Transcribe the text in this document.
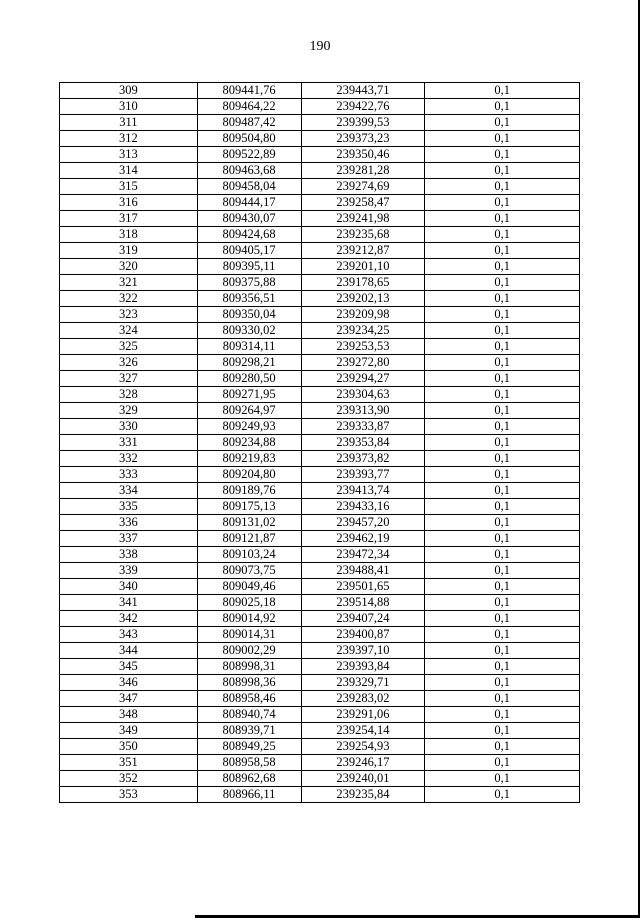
190
309	809441,76	239443,71	0,1
310	809464,22	239422,76	0,1
311	809487,42	239399,53	0,1
312	809504,80	239373,23	0,1
313	809522,89	239350,46	0,1
314	809463,68	239281,28	0,1
315	809458,04	239274,69	0,1
316	809444,17	239258,47	0,1
317	809430,07	239241,98	0,1
318	809424,68	239235,68	0,1
319	809405,17	239212,87	0,1
320	809395,11	239201,10	0,1
321	809375,88	239178,65	0,1
322	809356,51	239202,13	0,1
323	809350,04	239209,98	0,1
324	809330,02	239234,25	0,1
325	809314,11	239253,53	0,1
326	809298,21	239272,80	0,1
327	809280,50	239294,27	0,1
328	809271,95	239304,63	0,1
329	809264,97	239313,90	0,1
330	809249,93	239333,87	0,1
331	809234,88	239353,84	0,1
332	809219,83	239373,82	0,1
333	809204,80	239393,77	0,1
334	809189,76	239413,74	0,1
335	809175,13	239433,16	0,1
336	809131,02	239457,20	0,1
337	809121,87	239462,19	0,1
338	809103,24	239472,34	0,1
339	809073,75	239488,41	0,1
340	809049,46	239501,65	0,1
341	809025,18	239514,88	0,1
342	809014,92	239407,24	0,1
343	809014,31	239400,87	0,1
344	809002,29	239397,10	0,1
345	808998,31	239393,84	0,1
346	808998,36	239329,71	0,1
347	808958,46	239283,02	0,1
348	808940,74	239291,06	0,1
349	808939,71	239254,14	0,1
350	808949,25	239254,93	0,1
351	808958,58	239246,17	0,1
352	808962,68	239240,01	0,1
353	808966,11	239235,84	0,1
